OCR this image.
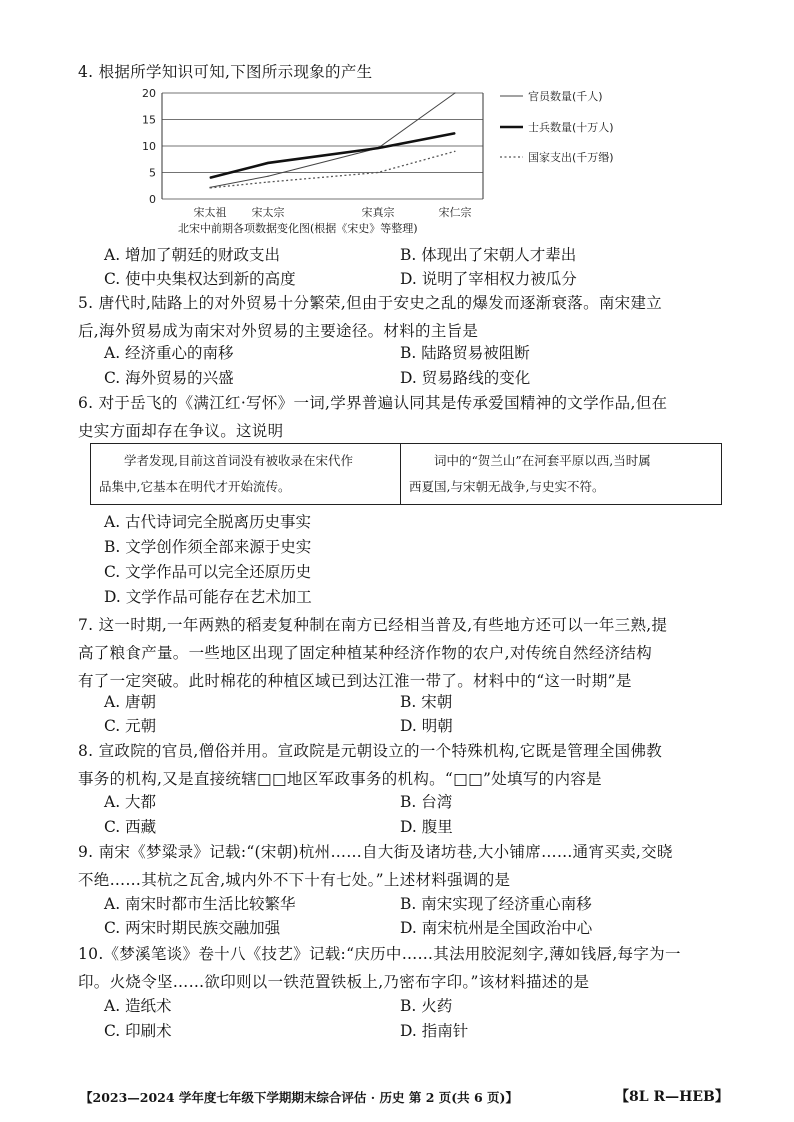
4. 根据所学知识可知,下图所示现象的产生
20
15
10
5
0
宋太祖 宋太宗	宋真宗	宋仁宗
官员数量(千人)
士兵数量(十万人)
国家支出(千万缗)
北宋中前期各项数据变化图(根据《宋史》等整理)
A. 增加了朝廷的财政支出	B. 体现出了宋朝人才辈出
C. 使中央集权达到新的高度	D. 说明了宰相权力被瓜分
5. 唐代时,陆路上的对外贸易十分繁荣,但由于安史之乱的爆发而逐渐衰落。南宋建立
后,海外贸易成为南宋对外贸易的主要途径。材料的主旨是
A. 经济重心的南移	B. 陆路贸易被阻断
C. 海外贸易的兴盛	D. 贸易路线的变化
6. 对于岳飞的《满江红·写怀》一词,学界普遍认同其是传承爱国精神的文学作品,但在
史实方面却存在争议。这说明
学者发现,目前这首词没有被收录在宋代作
品集中,它基本在明代才开始流传。
词中的“贺兰山”在河套平原以西,当时属
西夏国,与宋朝无战争,与史实不符。
A. 古代诗词完全脱离历史事实
B. 文学创作须全部来源于史实
C. 文学作品可以完全还原历史
D. 文学作品可能存在艺术加工
7. 这一时期,一年两熟的稻麦复种制在南方已经相当普及,有些地方还可以一年三熟,提
高了粮食产量。一些地区出现了固定种植某种经济作物的农户,对传统自然经济结构
有了一定突破。此时棉花的种植区域已到达江淮一带了。材料中的“这一时期”是
A. 唐朝	B. 宋朝
C. 元朝	D. 明朝
8. 宣政院的官员,僧俗并用。宣政院是元朝设立的一个特殊机构,它既是管理全国佛教
事务的机构,又是直接统辖□□地区军政事务的机构。“□□”处填写的内容是
A. 大都	B. 台湾
C. 西藏	D. 腹里
9. 南宋《梦粱录》记载:“(宋朝)杭州……自大街及诸坊巷,大小铺席……通宵买卖,交晓
不绝……其杭之瓦舍,城内外不下十有七处。”上述材料强调的是
A. 南宋时都市生活比较繁华	B. 南宋实现了经济重心南移
C. 两宋时期民族交融加强	D. 南宋杭州是全国政治中心
10.《梦溪笔谈》卷十八《技艺》记载:“庆历中……其法用胶泥刻字,薄如钱唇,每字为一
印。火烧令坚……欲印则以一铁范置铁板上,乃密布字印。”该材料描述的是
A. 造纸术	B. 火药
C. 印刷术	D. 指南针
【2023—2024 学年度七年级下学期期末综合评估 · 历史 第 2 页(共 6 页)】	【8L R—HEB】
